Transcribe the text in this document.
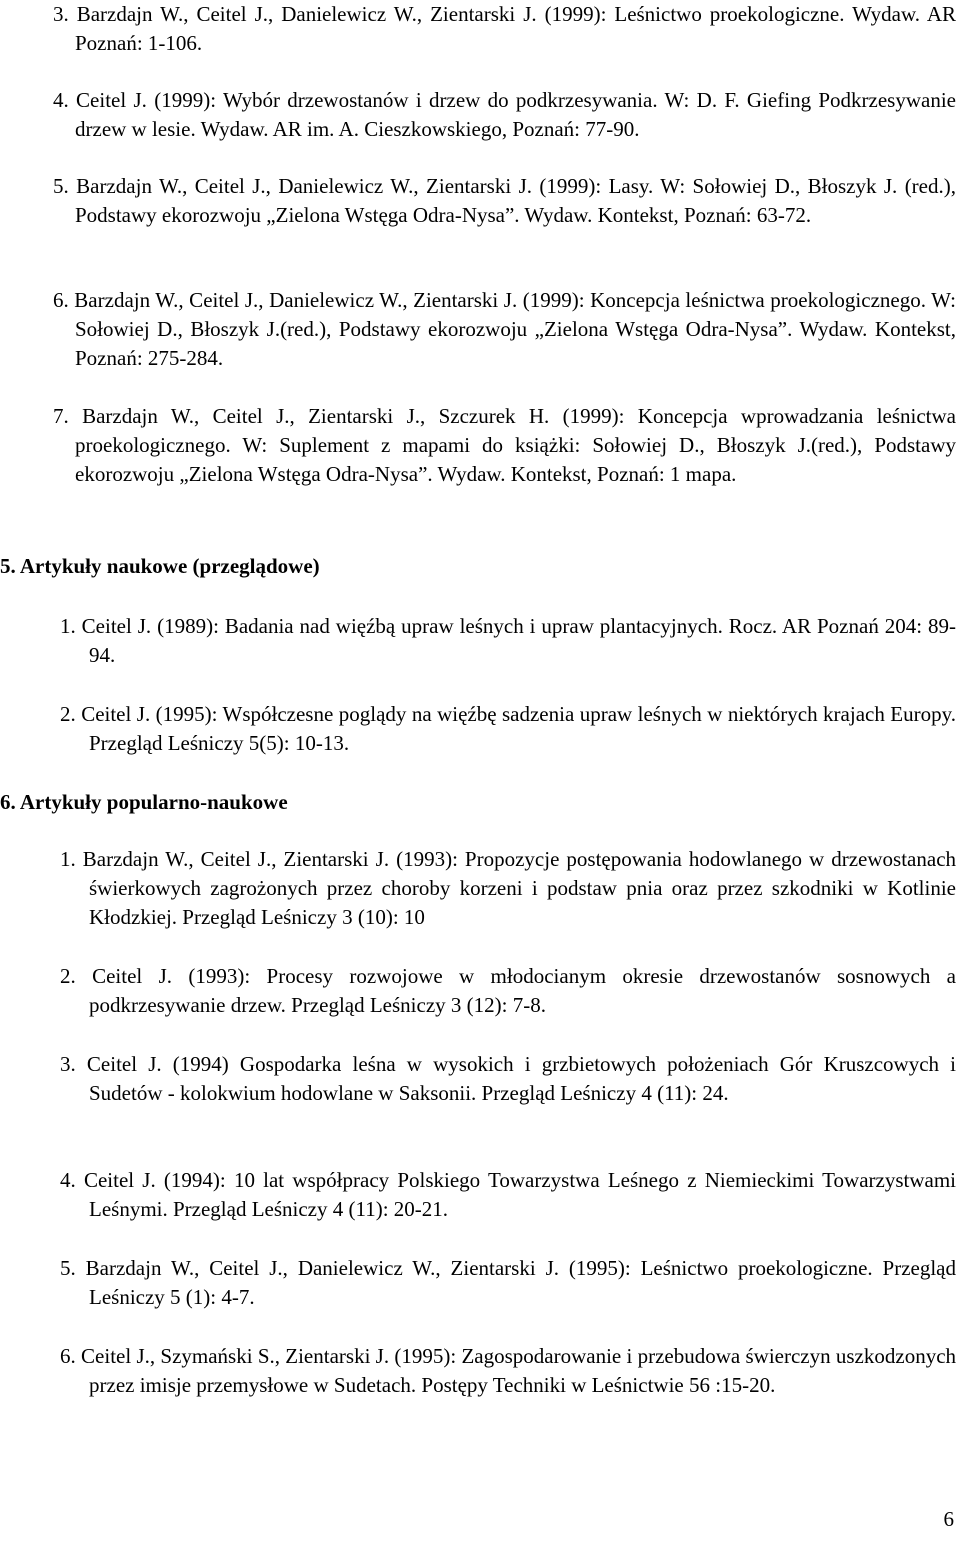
3. Barzdajn W., Ceitel J., Danielewicz W., Zientarski J. (1999): Leśnictwo proekologiczne. Wydaw. AR Poznań: 1-106.
4. Ceitel J. (1999): Wybór drzewostanów i drzew do podkrzesywania. W: D. F. Giefing Podkrzesywanie drzew w lesie. Wydaw. AR im. A. Cieszkowskiego, Poznań: 77-90.
5. Barzdajn W., Ceitel J., Danielewicz W., Zientarski J. (1999): Lasy. W: Sołowiej D., Błoszyk J. (red.), Podstawy ekorozwoju „Zielona Wstęga Odra-Nysa”. Wydaw. Kontekst, Poznań: 63-72.
6. Barzdajn W., Ceitel J., Danielewicz W., Zientarski J. (1999): Koncepcja leśnictwa proekologicznego. W: Sołowiej D., Błoszyk J.(red.), Podstawy ekorozwoju „Zielona Wstęga Odra-Nysa”. Wydaw. Kontekst, Poznań: 275-284.
7. Barzdajn W., Ceitel J., Zientarski J., Szczurek H. (1999): Koncepcja wprowadzania leśnictwa proekologicznego. W: Suplement z mapami do książki: Sołowiej D., Błoszyk J.(red.), Podstawy ekorozwoju „Zielona Wstęga Odra-Nysa”. Wydaw. Kontekst, Poznań: 1 mapa.
5. Artykuły naukowe (przeglądowe)
1. Ceitel J. (1989): Badania nad więźbą upraw leśnych i upraw plantacyjnych. Rocz. AR Poznań 204: 89-94.
2. Ceitel J. (1995): Współczesne poglądy na więźbę sadzenia upraw leśnych w niektórych krajach Europy. Przegląd Leśniczy 5(5): 10-13.
6. Artykuły popularno-naukowe
1. Barzdajn W., Ceitel J., Zientarski J. (1993): Propozycje postępowania hodowlanego w drzewostanach świerkowych zagrożonych przez choroby korzeni i podstaw pnia oraz przez szkodniki w Kotlinie Kłodzkiej. Przegląd Leśniczy 3 (10): 10
2. Ceitel J. (1993): Procesy rozwojowe w młodocianym okresie drzewostanów sosnowych a podkrzesywanie drzew. Przegląd Leśniczy 3 (12): 7-8.
3. Ceitel J. (1994) Gospodarka leśna w wysokich i grzbietowych położeniach Gór Kruszcowych i Sudetów - kolokwium hodowlane w Saksonii. Przegląd Leśniczy 4 (11): 24.
4. Ceitel J. (1994): 10 lat współpracy Polskiego Towarzystwa Leśnego z Niemieckimi Towarzystwami Leśnymi. Przegląd Leśniczy 4 (11): 20-21.
5. Barzdajn W., Ceitel J., Danielewicz W., Zientarski J. (1995): Leśnictwo proekologiczne. Przegląd Leśniczy 5 (1): 4-7.
6. Ceitel J., Szymański S., Zientarski J. (1995): Zagospodarowanie i przebudowa świerczyn uszkodzonych przez imisje przemysłowe w Sudetach. Postępy Techniki w Leśnictwie 56 :15-20.
6
